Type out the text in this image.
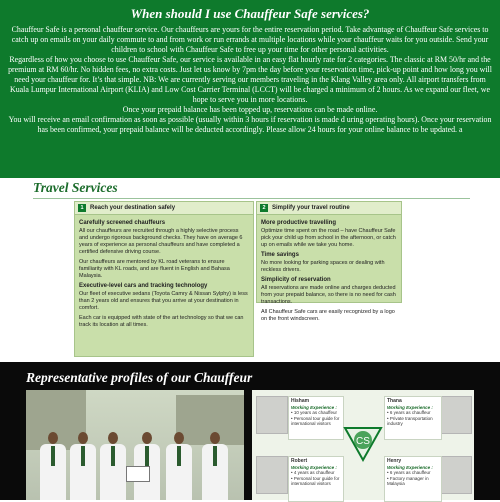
When should I use Chauffeur Safe services?

Chauffeur Safe is a personal chauffeur service. Our chauffeurs are yours for the entire reservation period. Take advantage of Chauffeur Safe services to catch up on emails on your daily commute to and from work or run errands at multiple locations while your chauffeur waits for you outside. Send your children to school with Chauffeur Safe to free up your time for other personal activities.

Regardless of how you choose to use Chauffeur Safe, our service is available in an easy flat hourly rate for 2 categories. The classic at RM 50/hr and the premium at RM 60/hr. No hidden fees, no extra costs. Just let us know by 7pm the day before your reservation time, pick-up point and how long you will need your chauffeur for. It’s that simple. NB: We are currently serving our members traveling in the Klang Valley area only. All airport transfers from Kuala Lumpur International Airport (KLIA) and Low Cost Carrier Terminal (LCCT) will be charged a minimum of 2 hours. As we expand our fleet, we hope to serve you in more locations.

Once your prepaid balance has been topped up, reservations can be made online.

You will receive an email confirmation as soon as possible (usually within 3 hours if reservation is made d uring operating hours). Once your reservation has been confirmed, your prepaid balance will be deducted accordingly. Please allow 24 hours for your online balance to be updated. a

Travel Services
1	Reach your destination safely
Carefully screened chauffeurs

All our chauffeurs are recruited through a highly selective process and undergo rigorous background checks. They have on average 6 years of experience as personal chauffeurs and have completed a certified defensive driving course.

Our chauffeurs are mentored by KL road veterans to ensure familiarity with KL roads, and are fluent in English and Bahasa Malaysia.

Executive-level cars and tracking technology

Our fleet of executive sedans (Toyota Camry & Nissan Sylphy) is less than 2 years old and ensures that you arrive at your destination in comfort.

Each car is equipped with state of the art technology so that we can track its location at all times.

2	Simplify your travel routine
More productive travelling

Optimize time spent on the road – have Chauffeur Safe pick your child up from school in the afternoon, or catch up on emails while we take you home.

Time savings

No more looking for parking spaces or dealing with reckless drivers.

Simplicity of reservation

All reservations are made online and charges deducted from your prepaid balance, so there is no need for cash transactions.

All Chauffeur Safe cars are easily recognized by a logo on the front windscreen.

Representative profiles of our Chauffeur
Hisham
Working Experience :
• 10 years as chauffeur
• Personal tour guide for international visitors
Thana
Working Experience :
• 6 years as chauffeur
• Private transportation industry
CS
Robert
Working Experience :
• 4 years as chauffeur
• Personal tour guide for international visitors
Henry
Working Experience :
• 6 years as chauffeur
• Factory manager in Malaysia
